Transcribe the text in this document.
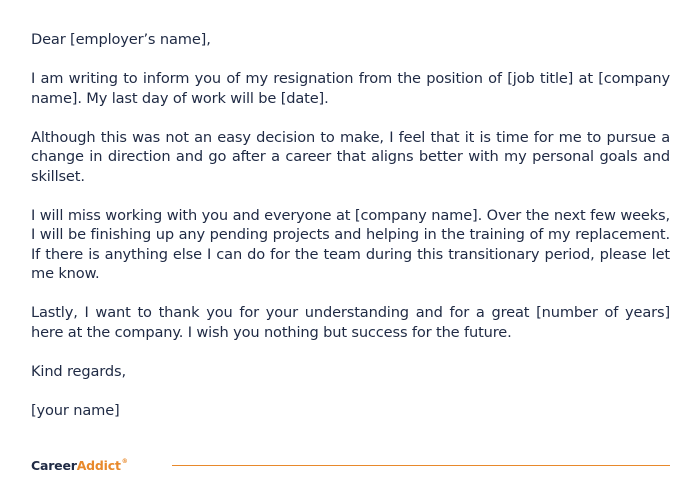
Dear [employer’s name],

I am writing to inform you of my resignation from the position of [job title] at [company name]. My last day of work will be [date].

Although this was not an easy decision to make, I feel that it is time for me to pursue a change in direction and go after a career that aligns better with my personal goals and skillset.

I will miss working with you and everyone at [company name]. Over the next few weeks, I will be finishing up any pending projects and helping in the training of my replacement. If there is anything else I can do for the team during this transitionary period, please let me know.

Lastly, I want to thank you for your understanding and for a great [number of years] here at the company. I wish you nothing but success for the future.

Kind regards,

[your name]

CareerAddict®
